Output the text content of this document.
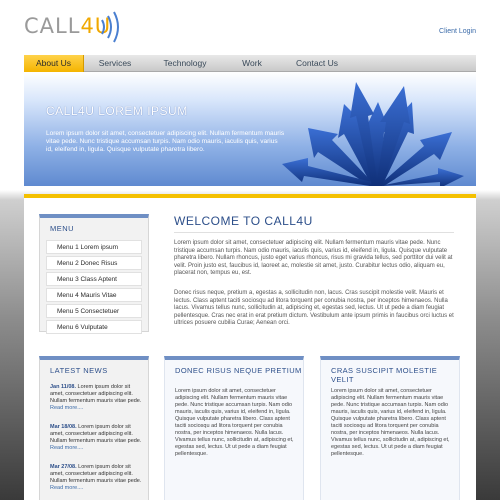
CALL4U	Client Login
About Us	Services	Technology	Work	Contact Us
CALL4U LOREM IPSUM
Lorem ipsum dolor sit amet, consectetuer adipiscing elit. Nullam fermentum mauris vitae pede. Nunc tristique accumsan turpis. Nam odio mauris, iaculis quis, varius id, eleifend in, ligula. Quisque vulputate pharetra libero.
MENU
Menu 1 Lorem ipsum
Menu 2 Donec Risus
Menu 3 Class Aptent
Menu 4 Mauris Vitae
Menu 5 Consectetuer
Menu 6 Vulputate
LATEST NEWS
Jan 11/08. Lorem ipsum dolor sit amet, consectetuer adipiscing elit. Nullam fermentum mauris vitae pede. Read more....
Mar 18/08. Lorem ipsum dolor sit amet, consectetuer adipiscing elit. Nullam fermentum mauris vitae pede. Read more....
Mar 27/08. Lorem ipsum dolor sit amet, consectetuer adipiscing elit. Nullam fermentum mauris vitae pede. Read more....
WELCOME TO CALL4U
Lorem ipsum dolor sit amet, consectetuer adipiscing elit. Nullam fermentum mauris vitae pede. Nunc tristique accumsan turpis. Nam odio mauris, iaculis quis, varius id, eleifend in, ligula. Quisque vulputate pharetra libero. Nullam rhoncus, justo eget varius rhoncus, risus mi gravida tellus, sed porttitor dui velit at velit. Proin justo est, faucibus id, laoreet ac, molestie sit amet, justo. Curabitur lectus odio, aliquam eu, placerat non, tempus eu, est.
Donec risus neque, pretium a, egestas a, sollicitudin non, lacus. Cras suscipit molestie velit. Mauris et lectus. Class aptent taciti sociosqu ad litora torquent per conubia nostra, per inceptos himenaeos. Nulla lacus. Vivamus tellus nunc, sollicitudin at, adipiscing et, egestas sed, lectus. Ut ut pede a diam feugiat pellentesque. Cras nec erat in erat pretium dictum. Vestibulum ante ipsum primis in faucibus orci luctus et ultrices posuere cubilia Curae; Aenean orci.
DONEC RISUS NEQUE PRETIUM
Lorem ipsum dolor sit amet, consectetuer adipiscing elit. Nullam fermentum mauris vitae pede. Nunc tristique accumsan turpis. Nam odio mauris, iaculis quis, varius id, eleifend in, ligula. Quisque vulputate pharetra libero. Class aptent taciti sociosqu ad litora torquent per conubia nostra, per inceptos himenaeos. Nulla lacus. Vivamus tellus nunc, sollicitudin at, adipiscing et, egestas sed, lectus. Ut ut pede a diam feugiat pellentesque.
CRAS SUSCIPIT MOLESTIE VELIT
Lorem ipsum dolor sit amet, consectetuer adipiscing elit. Nullam fermentum mauris vitae pede. Nunc tristique accumsan turpis. Nam odio mauris, iaculis quis, varius id, eleifend in, ligula. Quisque vulputate pharetra libero. Class aptent taciti sociosqu ad litora torquent per conubia nostra, per inceptos himenaeos. Nulla lacus. Vivamus tellus nunc, sollicitudin at, adipiscing et, egestas sed, lectus. Ut ut pede a diam feugiat pellentesque.
